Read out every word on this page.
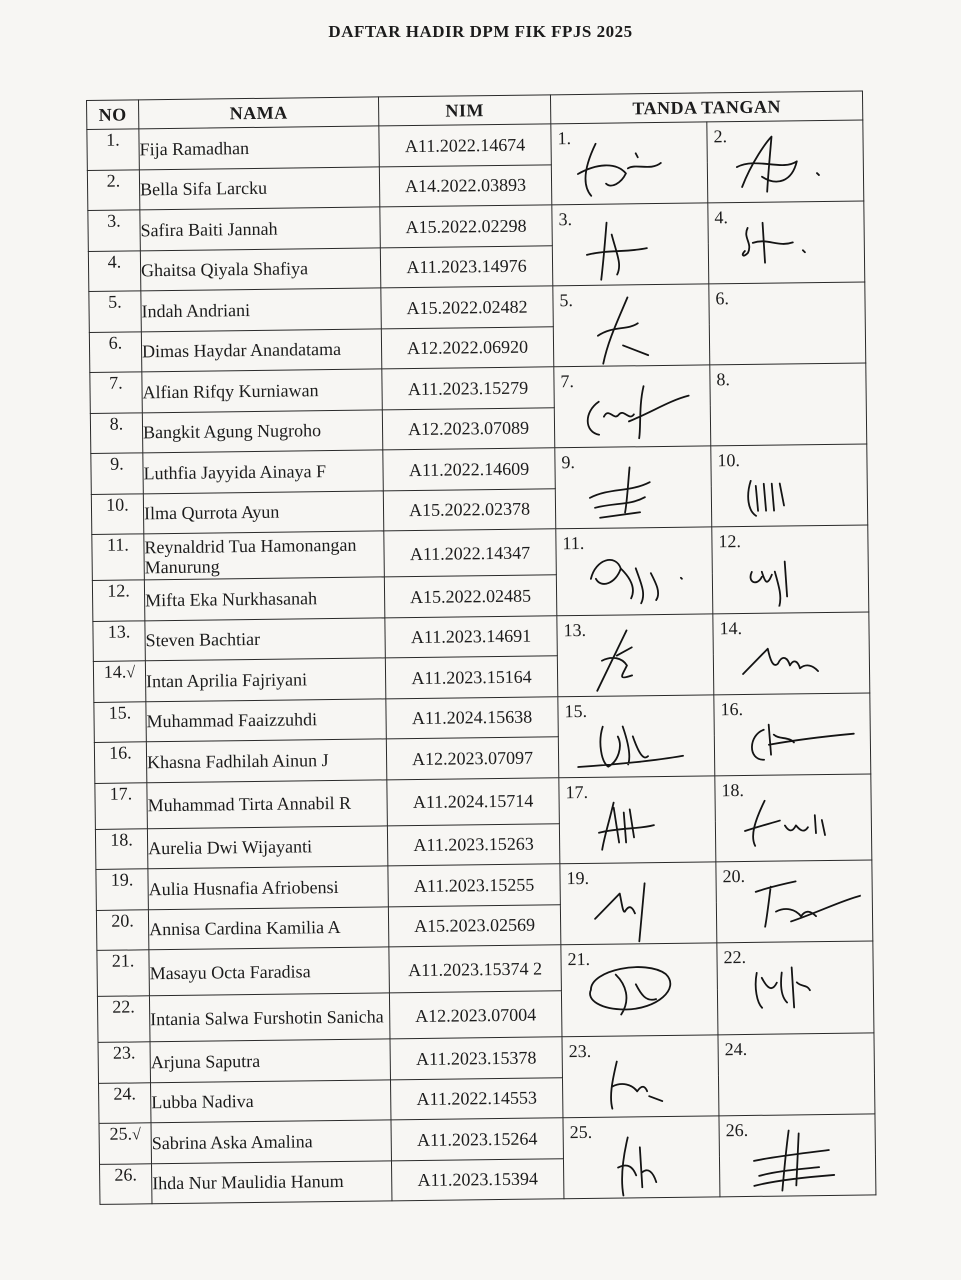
DAFTAR HADIR DPM FIK FPJS 2025
NO	NAMA	NIM	TANDA TANGAN	
1.	Fija Ramadhan	A11.2022.14674	1.	2.

2.	Bella Sifa Larcku	A14.2022.03893		
3.	Safira Baiti Jannah	A15.2022.02298	3.	4.

4.	Ghaitsa Qiyala Shafiya	A11.2023.14976		
5.	Indah Andriani	A15.2022.02482	5.	6.

6.	Dimas Haydar Anandatama	A12.2022.06920		
7.	Alfian Rifqy Kurniawan	A11.2023.15279	7.	8.

8.	Bangkit Agung Nugroho	A12.2023.07089		
9.	Luthfia Jayyida Ainaya F	A11.2022.14609	9.	10.

10.	Ilma Qurrota Ayun	A15.2022.02378		
11.	Reynaldrid Tua Hamonangan Manurung	A11.2022.14347	11.	12.

12.	Mifta Eka Nurkhasanah	A15.2022.02485		
13.	Steven Bachtiar	A11.2023.14691	13.	14.

14.√	Intan Aprilia Fajriyani	A11.2023.15164		
15.	Muhammad Faaizzuhdi	A11.2024.15638	15.	16.

16.	Khasna Fadhilah Ainun J	A12.2023.07097		
17.	Muhammad Tirta Annabil R	A11.2024.15714	17.	18.

18.	Aurelia Dwi Wijayanti	A11.2023.15263		
19.	Aulia Husnafia Afriobensi	A11.2023.15255	19.	20.

20.	Annisa Cardina Kamilia A	A15.2023.02569		
21.	Masayu Octa Faradisa	A11.2023.15374 2	21.	22.

22.	Intania Salwa Furshotin Sanicha	A12.2023.07004		
23.	Arjuna Saputra	A11.2023.15378	23.	24.

24.	Lubba Nadiva	A11.2022.14553		
25.√	Sabrina Aska Amalina	A11.2023.15264	25.	26.

26.	Ihda Nur Maulidia Hanum	A11.2023.15394		
